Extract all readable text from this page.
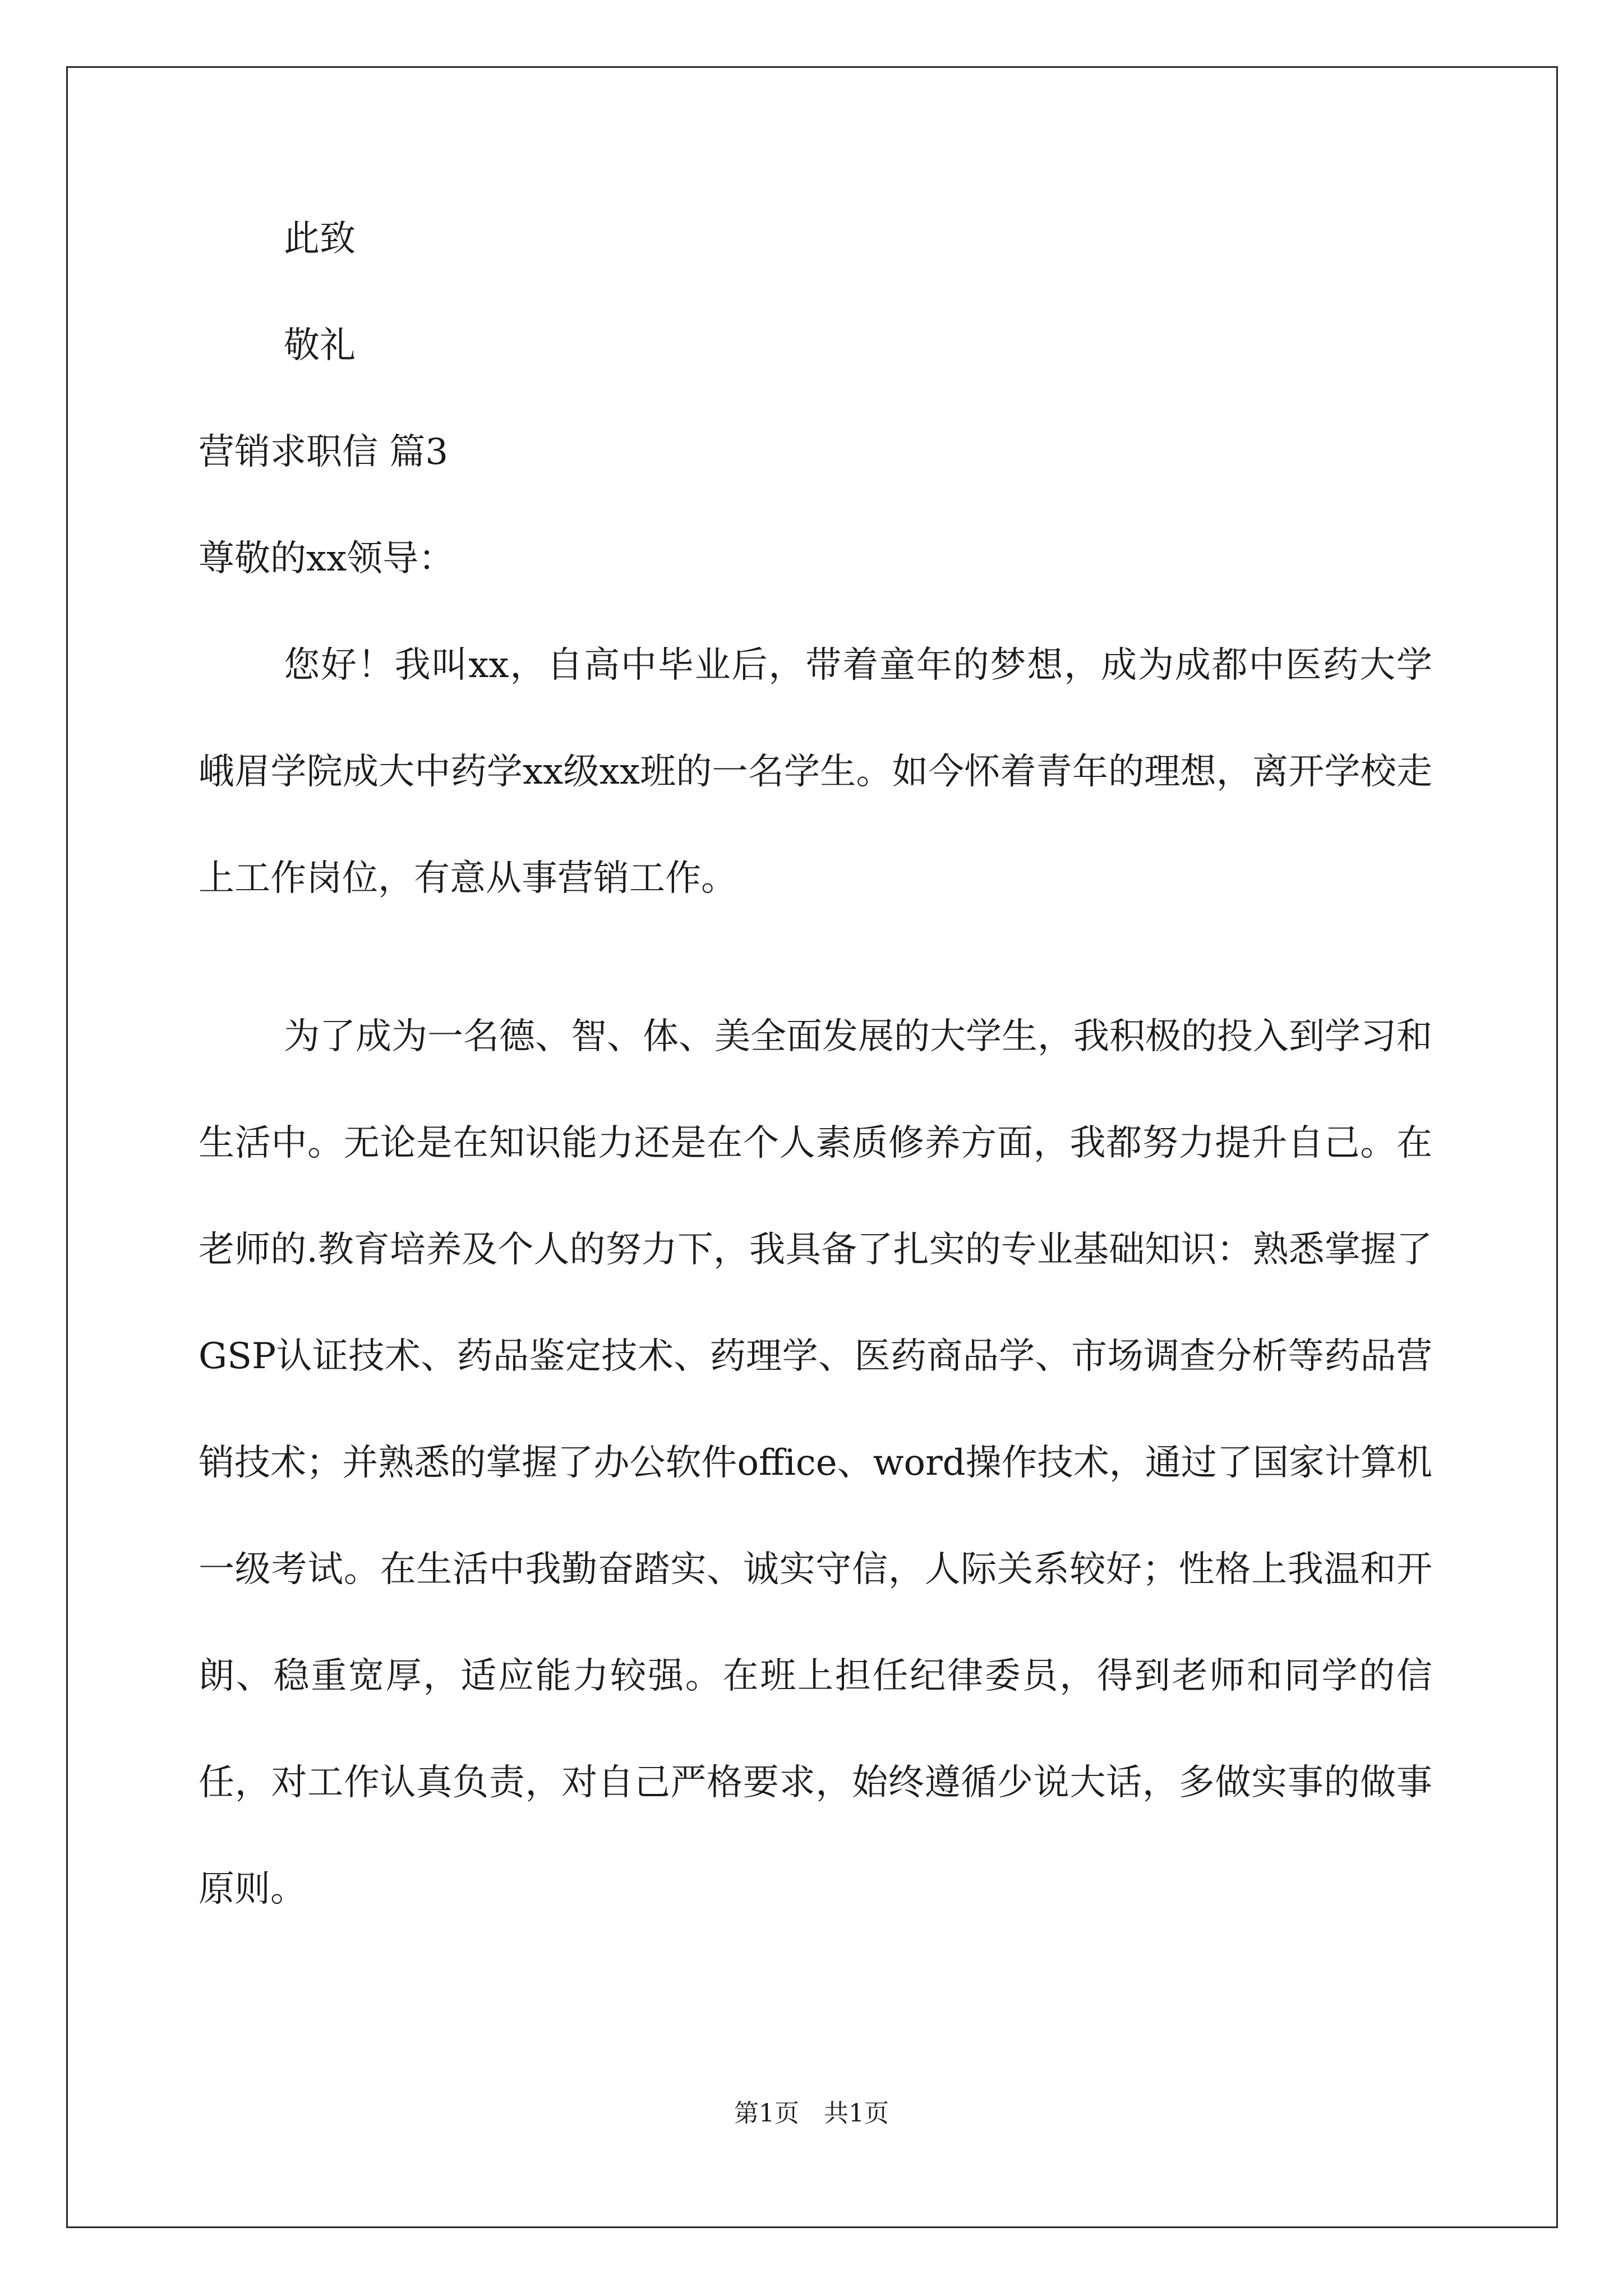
此致
敬礼
营销求职信 篇3
尊敬的xx领导：

您好！我叫xx，自高中毕业后，带着童年的梦想，成为成都中医药大学峨眉学院成大中药学xx级xx班的一名学生。如今怀着青年的理想，离开学校走上工作岗位，有意从事营销工作。

为了成为一名德、智、体、美全面发展的大学生，我积极的投入到学习和生活中。无论是在知识能力还是在个人素质修养方面，我都努力提升自己。在老师的.教育培养及个人的努力下，我具备了扎实的专业基础知识：熟悉掌握了GSP认证技术、药品鉴定技术、药理学、医药商品学、市场调查分析等药品营销技术；并熟悉的掌握了办公软件office、word操作技术，通过了国家计算机一级考试。在生活中我勤奋踏实、诚实守信，人际关系较好；性格上我温和开朗、稳重宽厚，适应能力较强。在班上担任纪律委员，得到老师和同学的信任，对工作认真负责，对自己严格要求，始终遵循少说大话，多做实事的做事原则。

第1页　共1页
